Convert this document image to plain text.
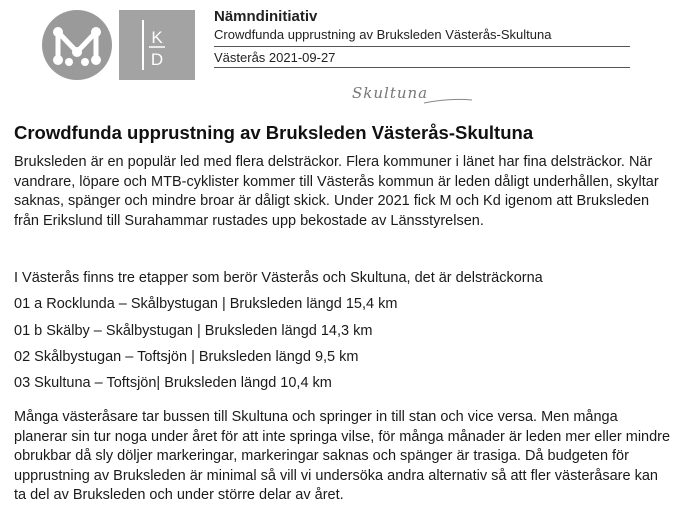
K
D
Nämndinitiativ
Crowdfunda upprustning av Bruksleden Västerås-Skultuna
Västerås 2021-09-27
Skultuna
Crowdfunda upprustning av Bruksleden Västerås-Skultuna

Bruksleden är en populär led med flera delsträckor. Flera kommuner i länet har fina delsträckor. När vandrare, löpare och MTB-cyklister kommer till Västerås kommun är leden dåligt underhållen, skyltar saknas, spänger och mindre broar är dåligt skick. Under 2021 fick M och Kd igenom att Bruksleden från Erikslund till Surahammar rustades upp bekostade av Länsstyrelsen.

I Västerås finns tre etapper som berör Västerås och Skultuna, det är delsträckorna

01 a Rocklunda – Skålbystugan | Bruksleden längd 15,4 km

01 b Skälby – Skålbystugan | Bruksleden längd 14,3 km

02 Skålbystugan – Toftsjön | Bruksleden längd 9,5 km

03 Skultuna – Toftsjön| Bruksleden längd 10,4 km

Många västeråsare tar bussen till Skultuna och springer in till stan och vice versa. Men många planerar sin tur noga under året för att inte springa vilse, för många månader är leden mer eller mindre obrukbar då sly döljer markeringar, markeringar saknas och spänger är trasiga. Då budgeten för upprustning av Bruksleden är minimal så vill vi undersöka andra alternativ så att fler västeråsare kan ta del av Bruksleden och under större delar av året.
